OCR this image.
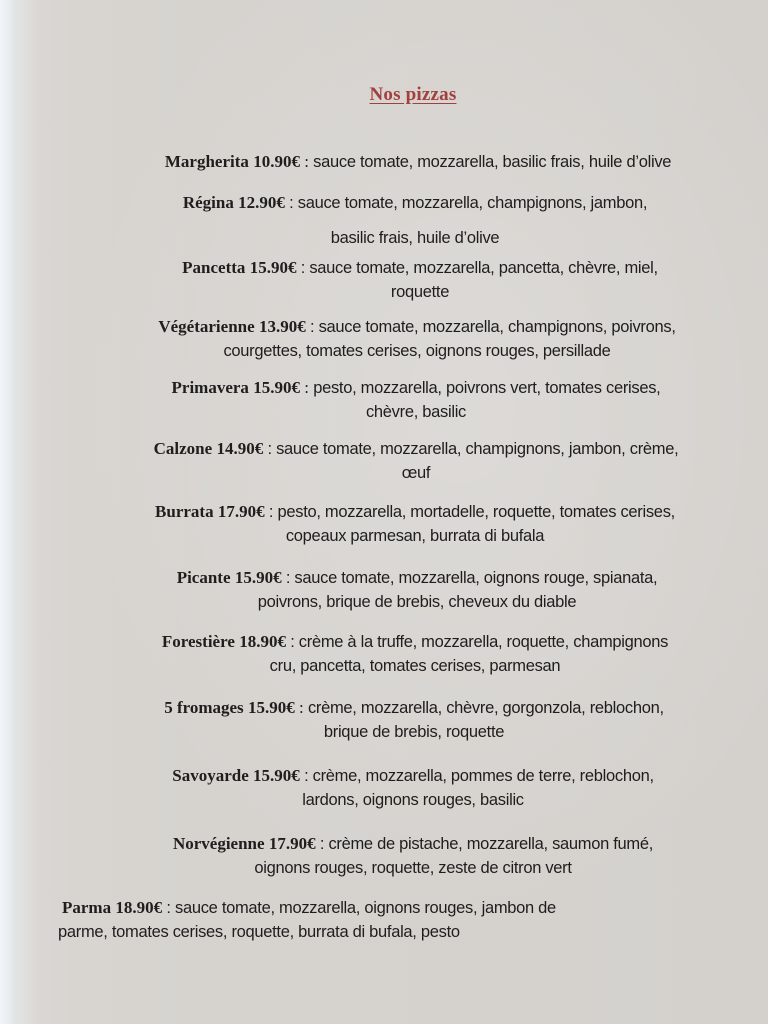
Nos pizzas
Margherita 10.90€ : sauce tomate, mozzarella, basilic frais, huile d’olive
Régina 12.90€ : sauce tomate, mozzarella, champignons, jambon,
basilic frais, huile d’olive
Pancetta 15.90€ : sauce tomate, mozzarella, pancetta, chèvre, miel,
roquette
Végétarienne 13.90€ : sauce tomate, mozzarella, champignons, poivrons,
courgettes, tomates cerises, oignons rouges, persillade
Primavera 15.90€ : pesto, mozzarella, poivrons vert, tomates cerises,
chèvre, basilic
Calzone 14.90€ : sauce tomate, mozzarella, champignons, jambon, crème,
œuf
Burrata 17.90€ : pesto, mozzarella, mortadelle, roquette, tomates cerises,
copeaux parmesan, burrata di bufala
Picante 15.90€ : sauce tomate, mozzarella, oignons rouge, spianata,
poivrons, brique de brebis, cheveux du diable
Forestière 18.90€ : crème à la truffe, mozzarella, roquette, champignons
cru, pancetta, tomates cerises, parmesan
5 fromages 15.90€ : crème, mozzarella, chèvre, gorgonzola, reblochon,
brique de brebis, roquette
Savoyarde 15.90€ : crème, mozzarella, pommes de terre, reblochon,
lardons, oignons rouges, basilic
Norvégienne 17.90€ : crème de pistache, mozzarella, saumon fumé,
oignons rouges, roquette, zeste de citron vert
Parma 18.90€ : sauce tomate, mozzarella, oignons rouges, jambon de
parme, tomates cerises, roquette, burrata di bufala, pesto
